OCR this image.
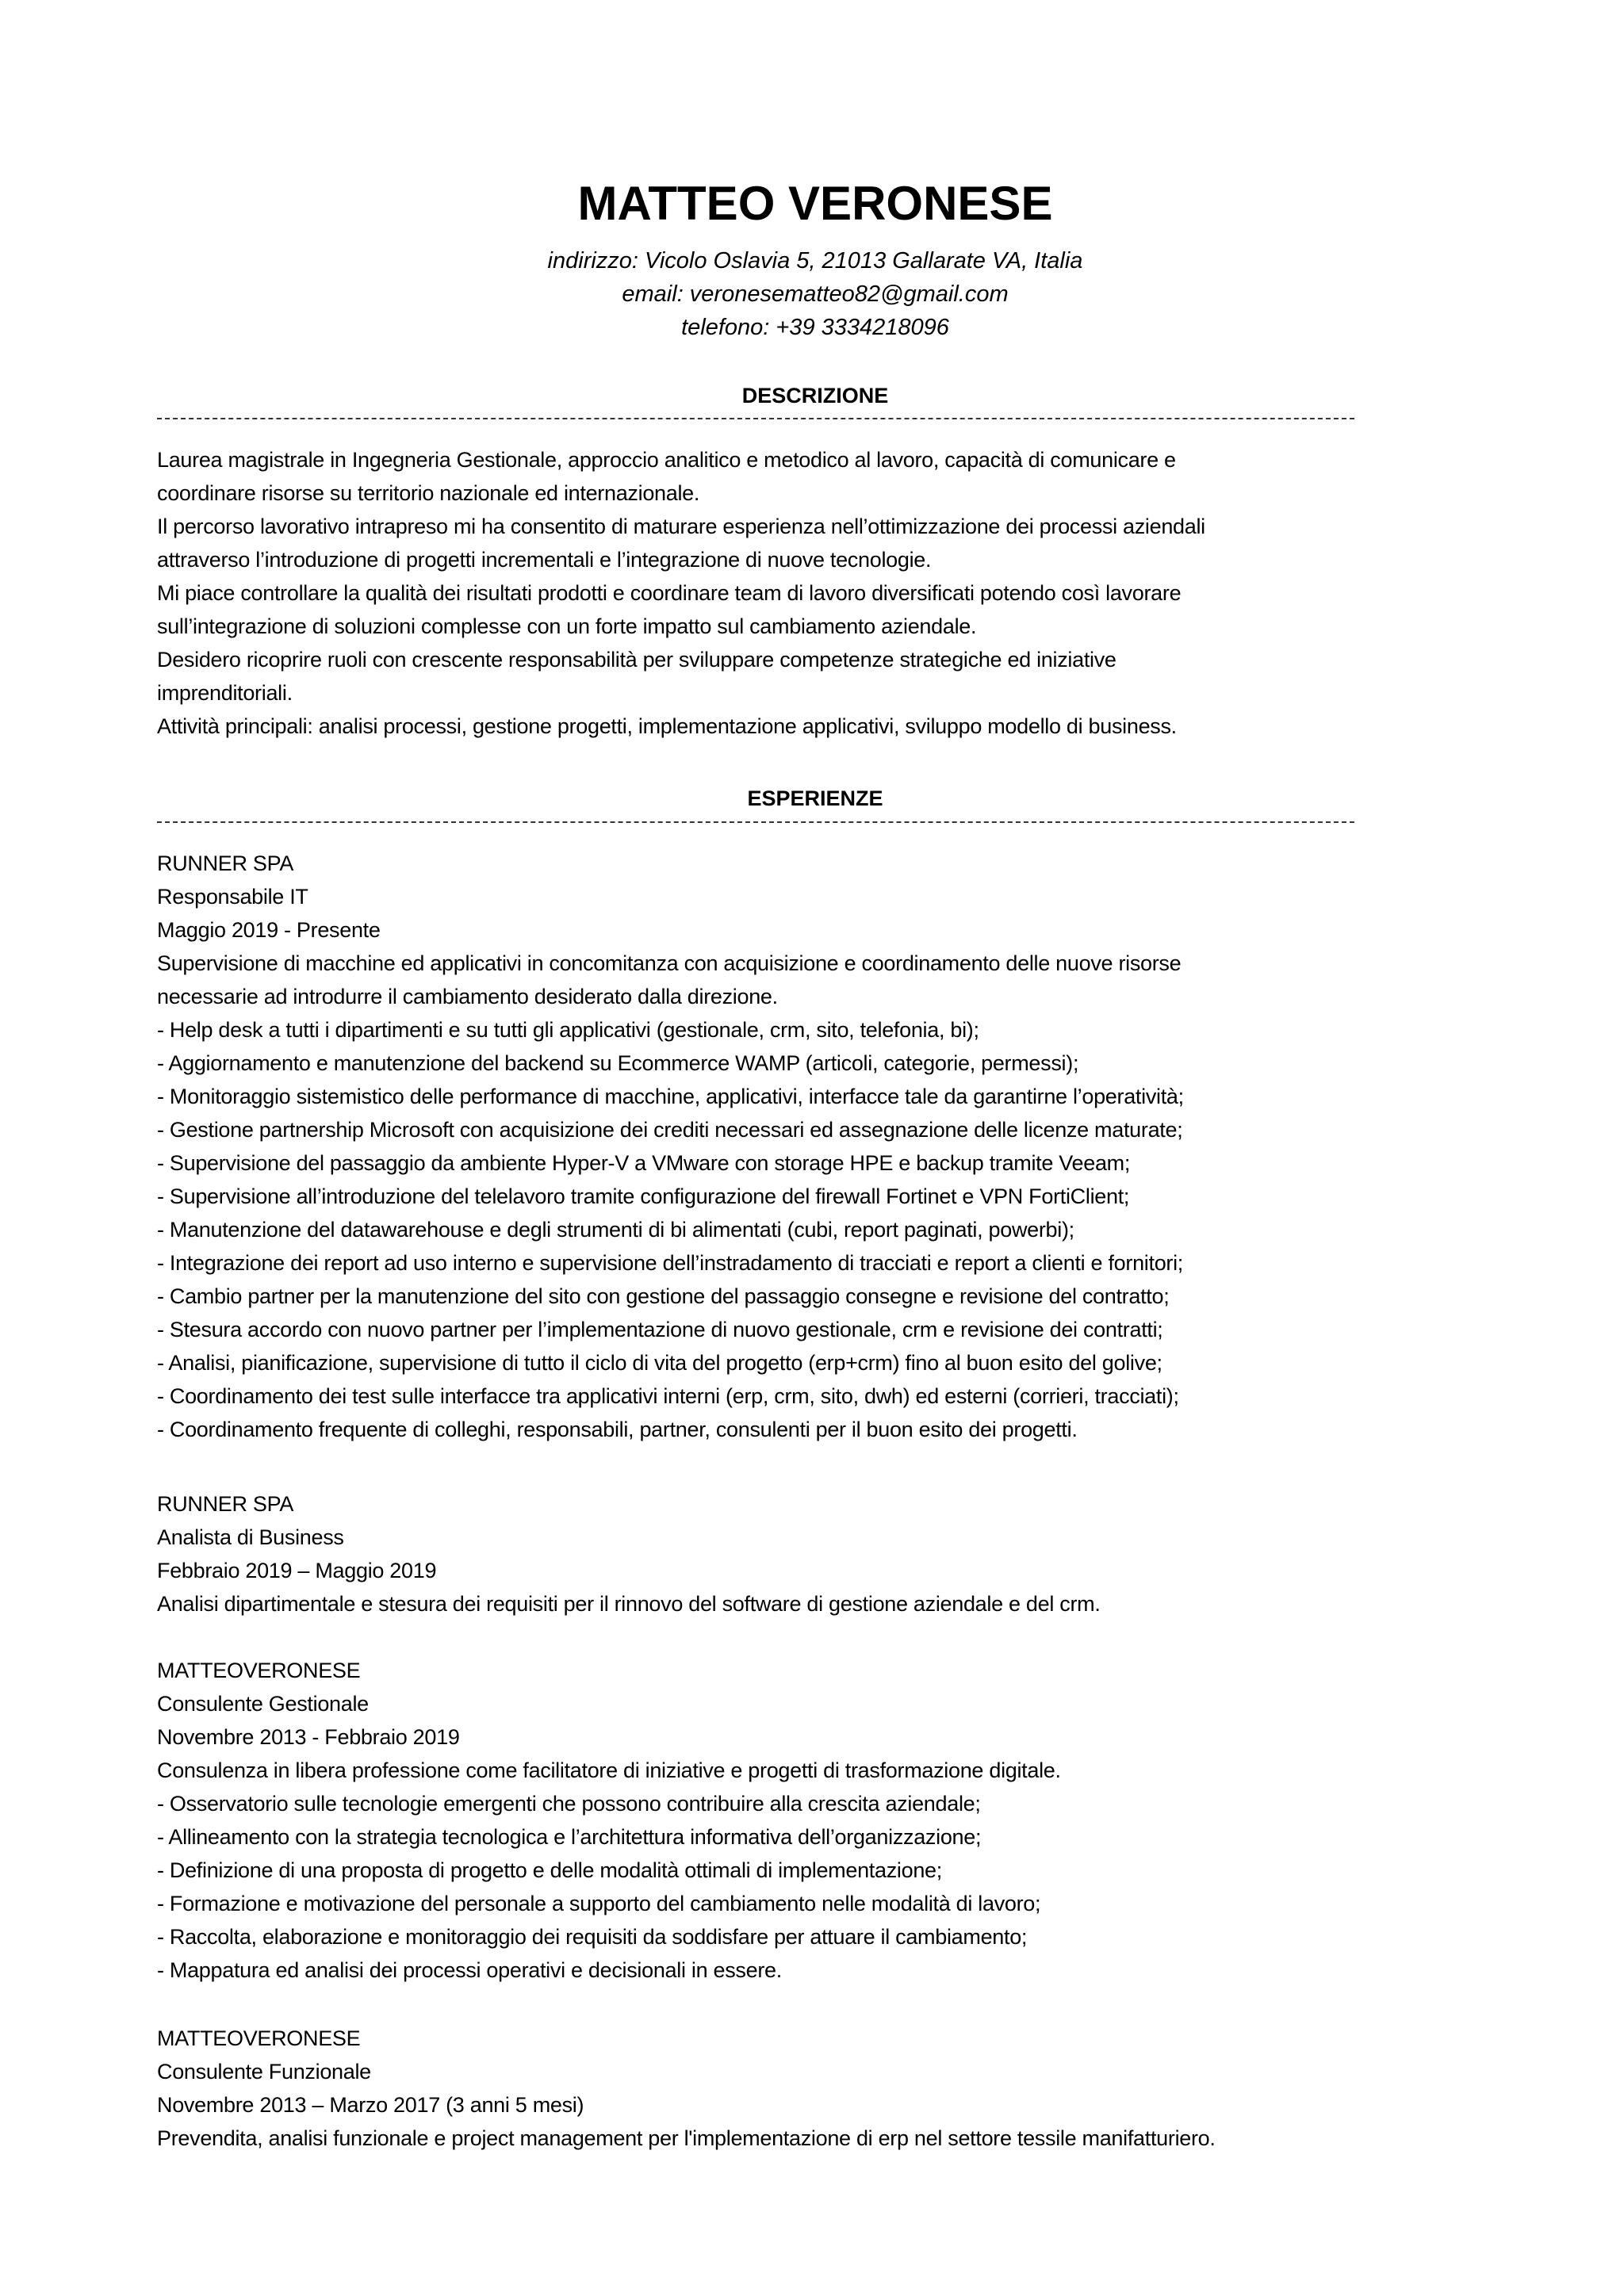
MATTEO VERONESE
indirizzo: Vicolo Oslavia 5, 21013 Gallarate VA, Italia
email: veronesematteo82@gmail.com
telefono: +39 3334218096
DESCRIZIONE

Laurea magistrale in Ingegneria Gestionale, approccio analitico e metodico al lavoro, capacità di comunicare e

coordinare risorse su territorio nazionale ed internazionale.

Il percorso lavorativo intrapreso mi ha consentito di maturare esperienza nell’ottimizzazione dei processi aziendali

attraverso l’introduzione di progetti incrementali e l’integrazione di nuove tecnologie.

Mi piace controllare la qualità dei risultati prodotti e coordinare team di lavoro diversificati potendo così lavorare

sull’integrazione di soluzioni complesse con un forte impatto sul cambiamento aziendale.

Desidero ricoprire ruoli con crescente responsabilità per sviluppare competenze strategiche ed iniziative

imprenditoriali.

Attività principali: analisi processi, gestione progetti, implementazione applicativi, sviluppo modello di business.

ESPERIENZE

RUNNER SPA

Responsabile IT

Maggio 2019 - Presente

Supervisione di macchine ed applicativi in concomitanza con acquisizione e coordinamento delle nuove risorse

necessarie ad introdurre il cambiamento desiderato dalla direzione.

- Help desk a tutti i dipartimenti e su tutti gli applicativi (gestionale, crm, sito, telefonia, bi);

- Aggiornamento e manutenzione del backend su Ecommerce WAMP (articoli, categorie, permessi);

- Monitoraggio sistemistico delle performance di macchine, applicativi, interfacce tale da garantirne l’operatività;

- Gestione partnership Microsoft con acquisizione dei crediti necessari ed assegnazione delle licenze maturate;

- Supervisione del passaggio da ambiente Hyper-V a VMware con storage HPE e backup tramite Veeam;

- Supervisione all’introduzione del telelavoro tramite configurazione del firewall Fortinet e VPN FortiClient;

- Manutenzione del datawarehouse e degli strumenti di bi alimentati (cubi, report paginati, powerbi);

- Integrazione dei report ad uso interno e supervisione dell’instradamento di tracciati e report a clienti e fornitori;

- Cambio partner per la manutenzione del sito con gestione del passaggio consegne e revisione del contratto;

- Stesura accordo con nuovo partner per l’implementazione di nuovo gestionale, crm e revisione dei contratti;

- Analisi, pianificazione, supervisione di tutto il ciclo di vita del progetto (erp+crm) fino al buon esito del golive;

- Coordinamento dei test sulle interfacce tra applicativi interni (erp, crm, sito, dwh) ed esterni (corrieri, tracciati);

- Coordinamento frequente di colleghi, responsabili, partner, consulenti per il buon esito dei progetti.

RUNNER SPA

Analista di Business

Febbraio 2019 – Maggio 2019

Analisi dipartimentale e stesura dei requisiti per il rinnovo del software di gestione aziendale e del crm.

MATTEOVERONESE

Consulente Gestionale

Novembre 2013 - Febbraio 2019

Consulenza in libera professione come facilitatore di iniziative e progetti di trasformazione digitale.

- Osservatorio sulle tecnologie emergenti che possono contribuire alla crescita aziendale;

- Allineamento con la strategia tecnologica e l’architettura informativa dell’organizzazione;

- Definizione di una proposta di progetto e delle modalità ottimali di implementazione;

- Formazione e motivazione del personale a supporto del cambiamento nelle modalità di lavoro;

- Raccolta, elaborazione e monitoraggio dei requisiti da soddisfare per attuare il cambiamento;

- Mappatura ed analisi dei processi operativi e decisionali in essere.

MATTEOVERONESE

Consulente Funzionale

Novembre 2013 – Marzo 2017 (3 anni 5 mesi)

Prevendita, analisi funzionale e project management per l'implementazione di erp nel settore tessile manifatturiero.
